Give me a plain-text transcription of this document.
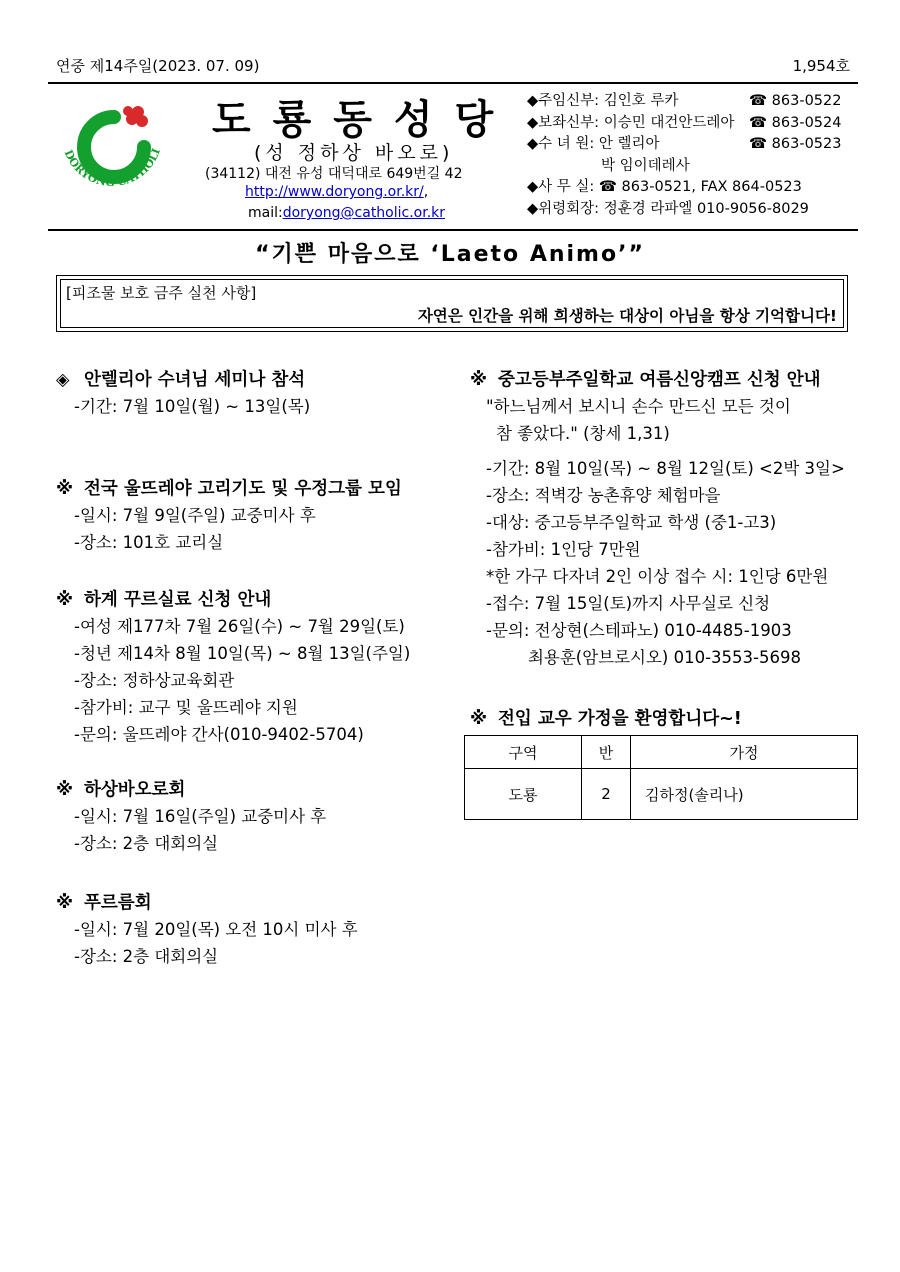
연중 제14주일(2023. 07. 09)	1,954호
DORYONG CATHOLI
도룡동성당
(성 정하상 바오로)
(34112) 대전 유성 대덕대로 649번길 42
http://www.doryong.or.kr/,
mail:doryong@catholic.or.kr
◆주임신부: 김인호 루카	☎ 863-0522
◆보좌신부: 이승민 대건안드레아 ☎ 863-0524
◆수 녀 원: 안 렐리아	☎ 863-0523
박 임이데레사
◆사 무 실: ☎ 863-0521, FAX 864-0523
◆위령회장: 정훈경 라파엘 010-9056-8029
“기쁜 마음으로 ‘Laeto Animo’”
[피조물 보호 금주 실천 사항]
자연은 인간을 위해 희생하는 대상이 아님을 항상 기억합니다!
◈ 안렐리아 수녀님 세미나 참석
-기간: 7월 10일(월) ~ 13일(목)
※ 전국 울뜨레야 고리기도 및 우정그룹 모임
-일시: 7월 9일(주일) 교중미사 후
-장소: 101호 교리실
※ 하계 꾸르실료 신청 안내
-여성 제177차 7월 26일(수) ~ 7월 29일(토)
-청년 제14차 8월 10일(목) ~ 8월 13일(주일)
-장소: 정하상교육회관
-참가비: 교구 및 울뜨레야 지원
-문의: 울뜨레야 간사(010-9402-5704)
※ 하상바오로회
-일시: 7월 16일(주일) 교중미사 후
-장소: 2층 대회의실
※ 푸르름회
-일시: 7월 20일(목) 오전 10시 미사 후
-장소: 2층 대회의실
※ 중고등부주일학교 여름신앙캠프 신청 안내
"하느님께서 보시니 손수 만드신 모든 것이
참 좋았다." (창세 1,31)
-기간: 8월 10일(목) ~ 8월 12일(토) <2박 3일>
-장소: 적벽강 농촌휴양 체험마을
-대상: 중고등부주일학교 학생 (중1-고3)
-참가비: 1인당 7만원
*한 가구 다자녀 2인 이상 접수 시: 1인당 6만원
-접수: 7월 15일(토)까지 사무실로 신청
-문의: 전상현(스테파노) 010-4485-1903
최용훈(암브로시오) 010-3553-5698
※ 전입 교우 가정을 환영합니다~!
구역	반	가정
도룡	2	김하정(솔리나)
